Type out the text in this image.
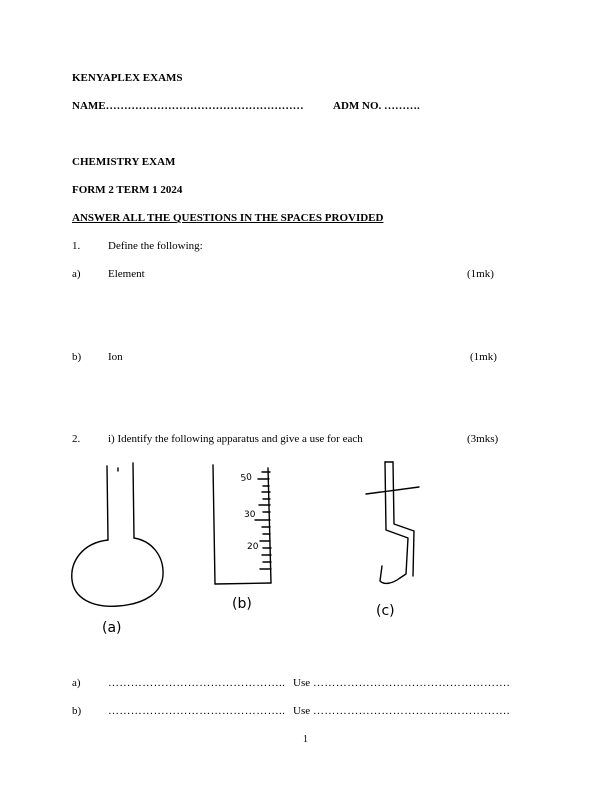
KENYAPLEX EXAMS
NAME………………………………………………	ADM NO. ……….
CHEMISTRY EXAM
FORM 2 TERM 1 2024
ANSWER ALL THE QUESTIONS IN THE SPACES PROVIDED
1.	Define the following:
a) Element	(1mk)
b) Ion	(1mk)
2.	i) Identify the following apparatus and give a use for each	(3mks)
50
30
20
(a)
(b)	(c)
a) ……………………………………….. Use …………………………………………….
b) ……………………………………….. Use …………………………………………….
1
